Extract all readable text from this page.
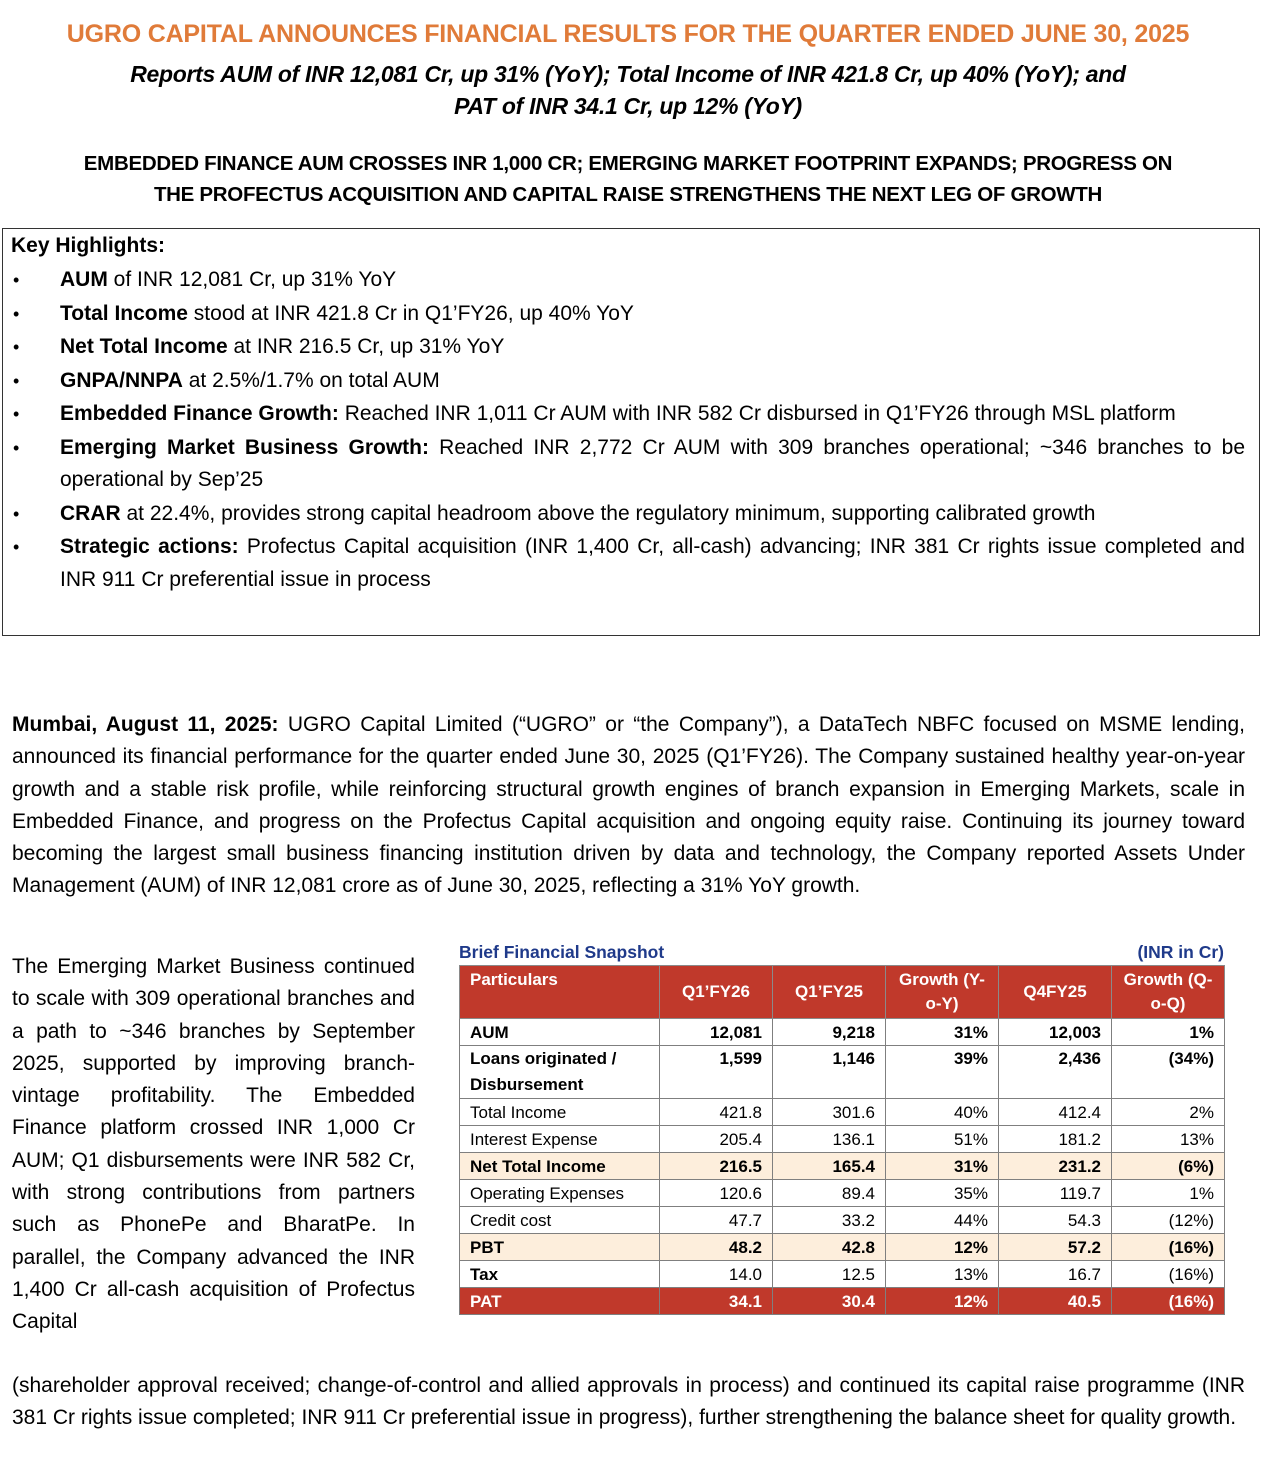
UGRO CAPITAL ANNOUNCES FINANCIAL RESULTS FOR THE QUARTER ENDED JUNE 30, 2025
Reports AUM of INR 12,081 Cr, up 31% (YoY); Total Income of INR 421.8 Cr, up 40% (YoY); and
PAT of INR 34.1 Cr, up 12% (YoY)
EMBEDDED FINANCE AUM CROSSES INR 1,000 CR; EMERGING MARKET FOOTPRINT EXPANDS; PROGRESS ON
THE PROFECTUS ACQUISITION AND CAPITAL RAISE STRENGTHENS THE NEXT LEG OF GROWTH
Key Highlights:
• AUM of INR 12,081 Cr, up 31% YoY
• Total Income stood at INR 421.8 Cr in Q1’FY26, up 40% YoY
• Net Total Income at INR 216.5 Cr, up 31% YoY
• GNPA/NNPA at 2.5%/1.7% on total AUM
• Embedded Finance Growth: Reached INR 1,011 Cr AUM with INR 582 Cr disbursed in Q1’FY26 through MSL platform
• Emerging Market Business Growth: Reached INR 2,772 Cr AUM with 309 branches operational; ~346 branches to be operational by Sep’25
• CRAR at 22.4%, provides strong capital headroom above the regulatory minimum, supporting calibrated growth
• Strategic actions: Profectus Capital acquisition (INR 1,400 Cr, all-cash) advancing; INR 381 Cr rights issue completed and INR 911 Cr preferential issue in process

Mumbai, August 11, 2025: UGRO Capital Limited (“UGRO” or “the Company”), a DataTech NBFC focused on MSME lending, announced its financial performance for the quarter ended June 30, 2025 (Q1’FY26). The Company sustained healthy year-on-year growth and a stable risk profile, while reinforcing structural growth engines of branch expansion in Emerging Markets, scale in Embedded Finance, and progress on the Profectus Capital acquisition and ongoing equity raise. Continuing its journey toward becoming the largest small business financing institution driven by data and technology, the Company reported Assets Under Management (AUM) of INR 12,081 crore as of June 30, 2025, reflecting a 31% YoY growth.

The Emerging Market Business continued to scale with 309 operational branches and a path to ~346 branches by September 2025, supported by improving branch-vintage profitability. The Embedded Finance platform crossed INR 1,000 Cr AUM; Q1 disbursements were INR 582 Cr, with strong contributions from partners such as PhonePe and BharatPe. In parallel, the Company advanced the INR 1,400 Cr all-cash acquisition of Profectus Capital

Brief Financial Snapshot	(INR in Cr)
Particulars	Q1’FY26	Q1’FY25	Growth (Y-o-Y)	Q4FY25	Growth (Q-o-Q)
AUM	12,081	9,218	31%	12,003	1%
Loans originated / Disbursement	1,599	1,146	39%	2,436	(34%)
Total Income	421.8	301.6	40%	412.4	2%
Interest Expense	205.4	136.1	51%	181.2	13%
Net Total Income	216.5	165.4	31%	231.2	(6%)
Operating Expenses	120.6	89.4	35%	119.7	1%
Credit cost	47.7	33.2	44%	54.3	(12%)
PBT	48.2	42.8	12%	57.2	(16%)
Tax	14.0	12.5	13%	16.7	(16%)
PAT	34.1	30.4	12%	40.5	(16%)

(shareholder approval received; change-of-control and allied approvals in process) and continued its capital raise programme (INR 381 Cr rights issue completed; INR 911 Cr preferential issue in progress), further strengthening the balance sheet for quality growth.
